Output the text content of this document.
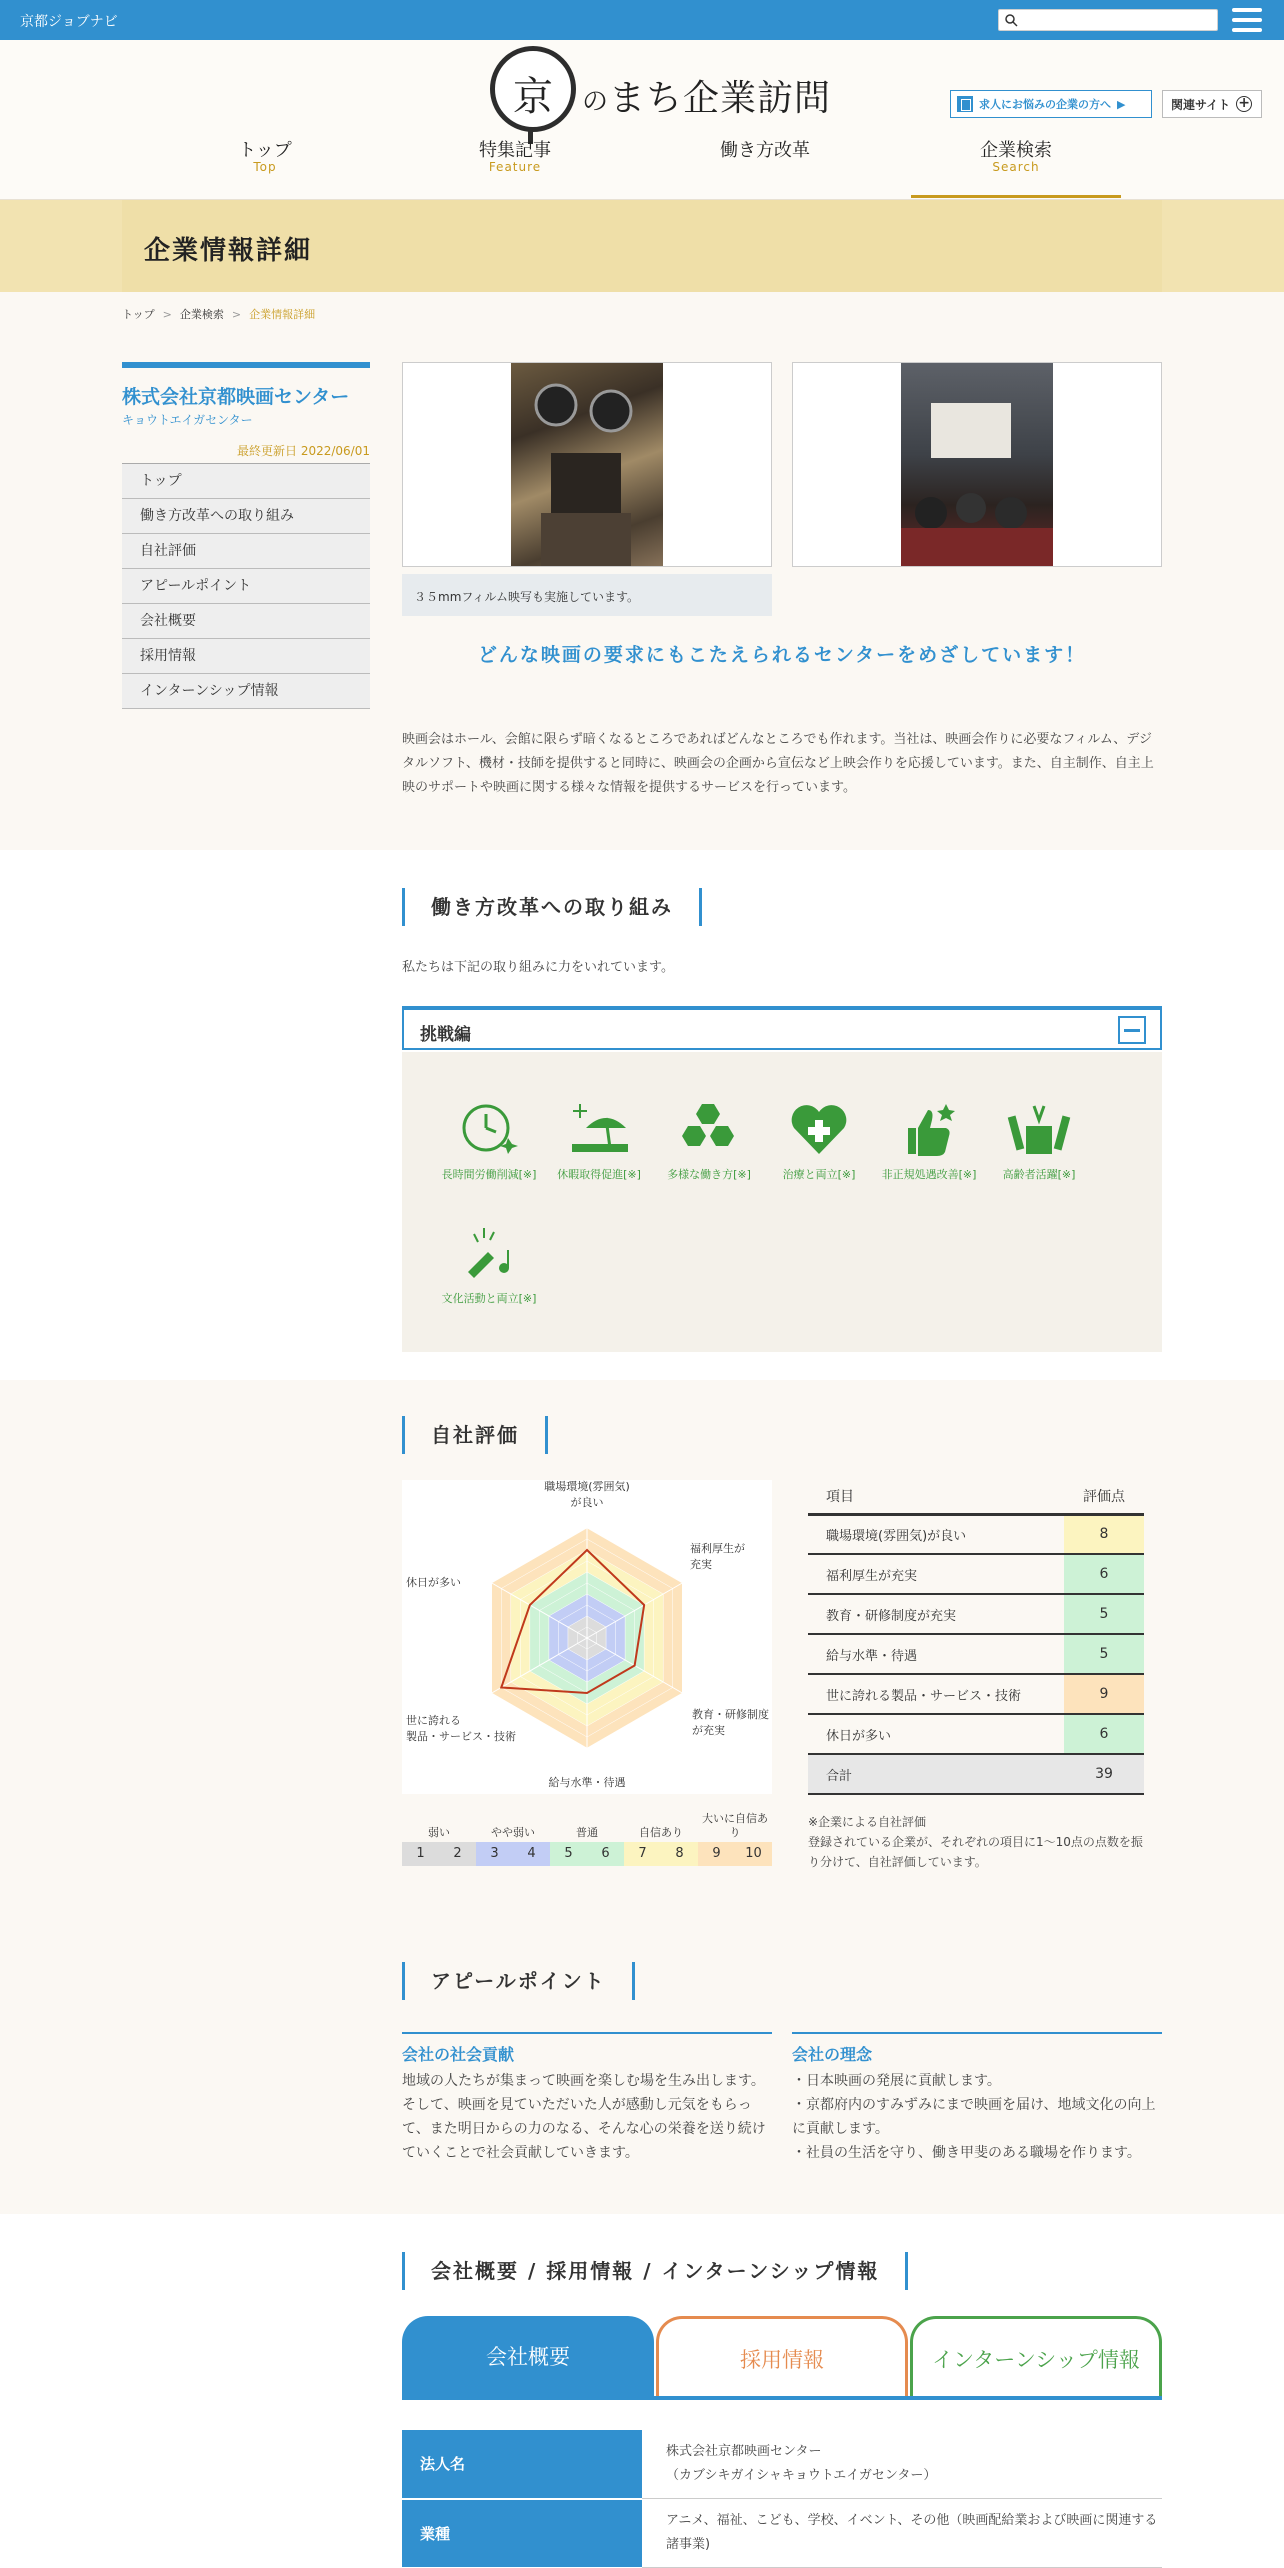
京都ジョブナビ
京	のまち企業訪問	求人にお悩みの企業の方へ ▶	関連サイト +
トップ
Top
特集記事
Feature
働き方改革	企業検索
Search
企業情報詳細
トップ > 企業検索 > 企業情報詳細
株式会社京都映画センター
キョウトエイガセンター
最終更新日 2022/06/01
トップ
働き方改革への取り組み
自社評価
アピールポイント
会社概要
採用情報
インターンシップ情報
３５mmフィルム映写も実施しています。
どんな映画の要求にもこたえられるセンターをめざしています！
映画会はホール、会館に限らず暗くなるところであればどんなところでも作れます。当社は、映画会作りに必要なフィルム、デジタルソフト、機材・技師を提供すると同時に、映画会の企画から宣伝など上映会作りを応援しています。また、自主制作、自主上映のサポートや映画に関する様々な情報を提供するサービスを行っています。
働き方改革への取り組み
私たちは下記の取り組みに力をいれています。
挑戦編
長時間労働削減[※]	休暇取得促進[※]	多様な働き方[※]	治療と両立[※]	非正規処遇改善[※]	高齢者活躍[※]
文化活動と両立[※]
自社評価
職場環境(雰囲気)が良い
福利厚生が充実
教育・研修制度が充実
給与水準・待遇
世に誇れる製品・サービス・技術
休日が多い
弱い	やや弱い	普通	自信あり
大いに自信あり
1	2	3	4	5	6	7	8	9	10
項目	評価点
職場環境(雰囲気)が良い	8
福利厚生が充実	6
教育・研修制度が充実	5
給与水準・待遇	5
世に誇れる製品・サービス・技術	9
休日が多い	6
合計	39
※企業による自社評価
登録されている企業が、それぞれの項目に1〜10点の点数を振り分けて、自社評価しています。
アピールポイント
会社の社会貢献

地域の人たちが集まって映画を楽しむ場を生み出します。そして、映画を見ていただいた人が感動し元気をもらって、また明日からの力のなる、そんな心の栄養を送り続けていくことで社会貢献していきます。

会社の理念

・日本映画の発展に貢献します。
・京都府内のすみずみにまで映画を届け、地域文化の向上に貢献します。
・社員の生活を守り、働き甲斐のある職場を作ります。

会社概要 / 採用情報 / インターンシップ情報
会社概要	採用情報	インターンシップ情報
法人名	株式会社京都映画センター
（カブシキガイシャキョウトエイガセンター）
業種	アニメ、福祉、こども、学校、イベント、その他（映画配給業および映画に関連する諸事業)
